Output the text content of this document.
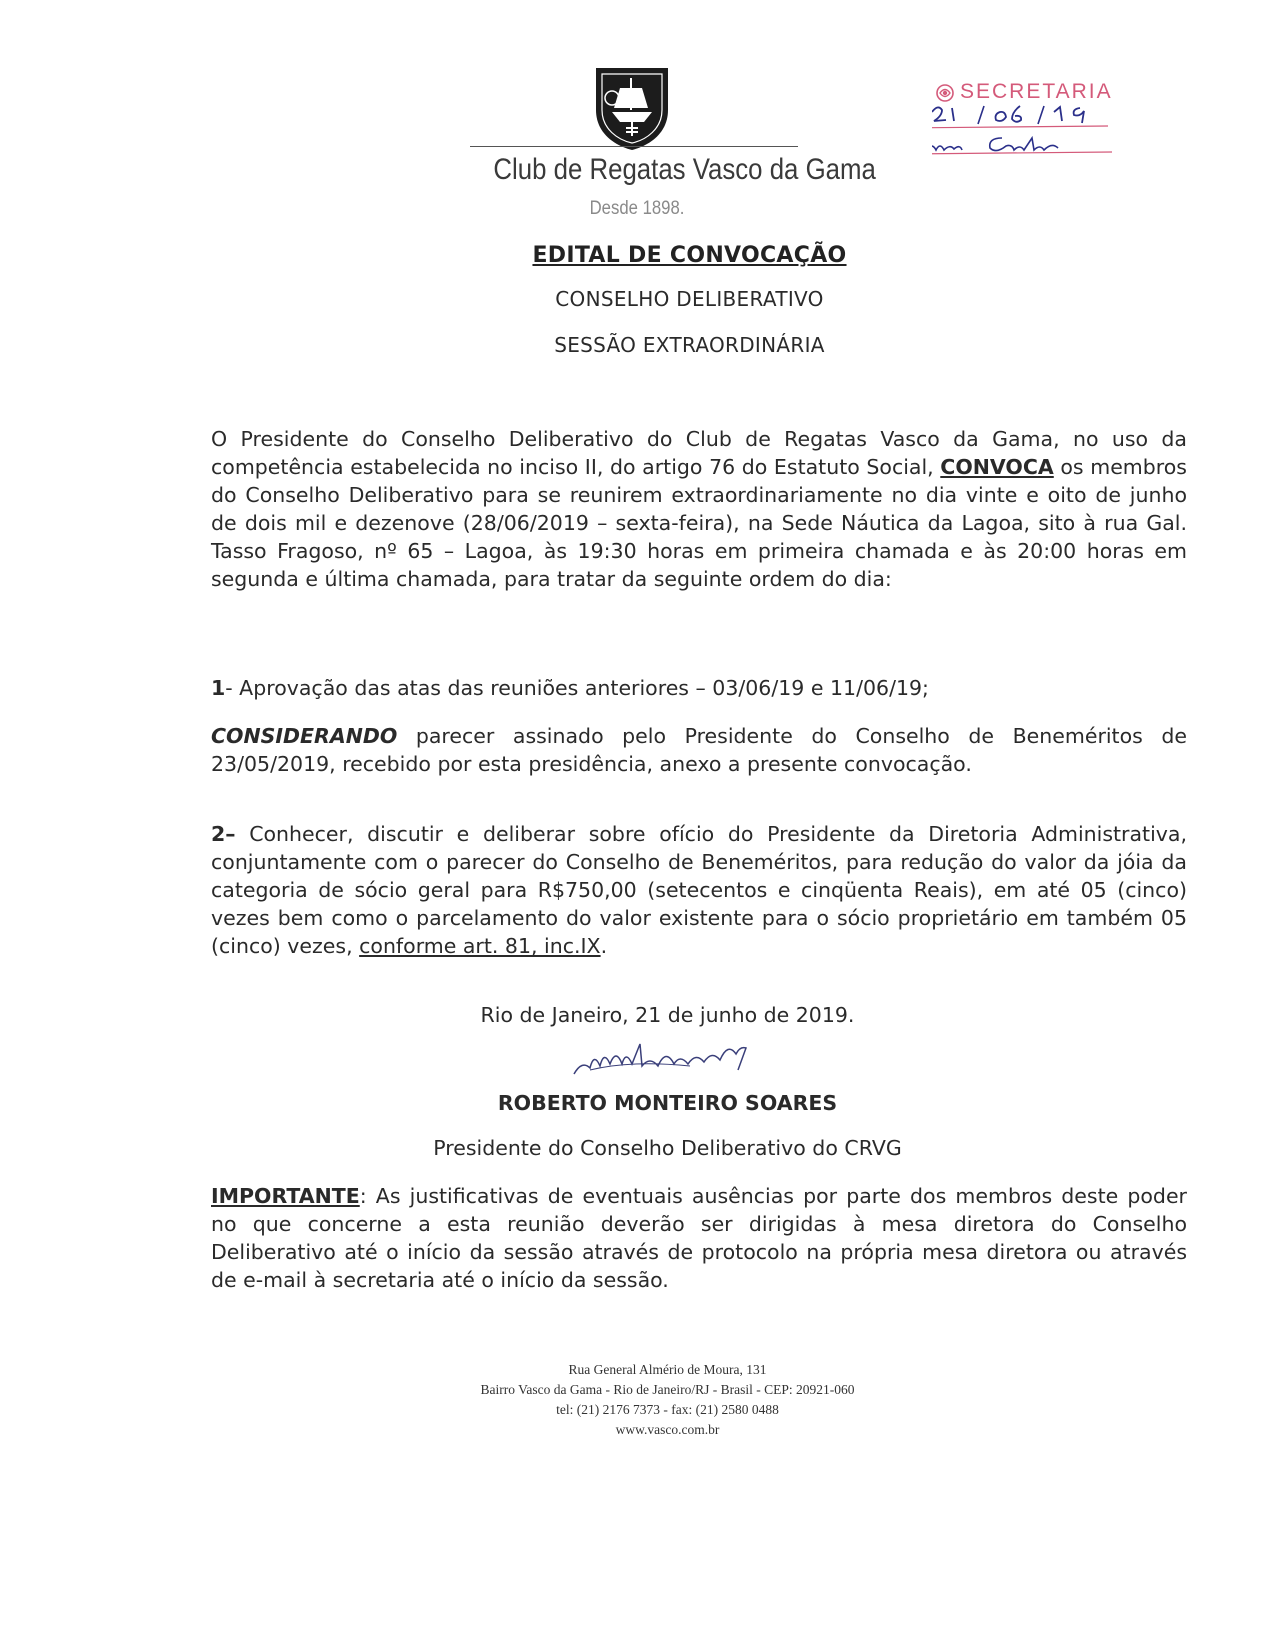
Club de Regatas Vasco da Gama
Desde 1898.
SECRETARIA
EDITAL DE CONVOCAÇÃO
CONSELHO DELIBERATIVO
SESSÃO EXTRAORDINÁRIA
O Presidente do Conselho Deliberativo do Club de Regatas Vasco da Gama, no uso da competência estabelecida no inciso II, do artigo 76 do Estatuto Social, CONVOCA os membros do Conselho Deliberativo para se reunirem extraordinariamente no dia vinte e oito de junho de dois mil e dezenove (28/06/2019 – sexta-feira), na Sede Náutica da Lagoa, sito à rua Gal. Tasso Fragoso, nº 65 – Lagoa, às 19:30 horas em primeira chamada e às 20:00 horas em segunda e última chamada, para tratar da seguinte ordem do dia:
1- Aprovação das atas das reuniões anteriores – 03/06/19 e 11/06/19;
CONSIDERANDO parecer assinado pelo Presidente do Conselho de Beneméritos de 23/05/2019, recebido por esta presidência, anexo a presente convocação.
2– Conhecer, discutir e deliberar sobre ofício do Presidente da Diretoria Administrativa, conjuntamente com o parecer do Conselho de Beneméritos, para redução do valor da jóia da categoria de sócio geral para R$750,00 (setecentos e cinqüenta Reais), em até 05 (cinco) vezes bem como o parcelamento do valor existente para o sócio proprietário em também 05 (cinco) vezes, conforme art. 81, inc.IX.
Rio de Janeiro, 21 de junho de 2019.
ROBERTO MONTEIRO SOARES
Presidente do Conselho Deliberativo do CRVG
IMPORTANTE: As justificativas de eventuais ausências por parte dos membros deste poder no que concerne a esta reunião deverão ser dirigidas à mesa diretora do Conselho Deliberativo até o início da sessão através de protocolo na própria mesa diretora ou através de e-mail à secretaria até o início da sessão.
Rua General Almério de Moura, 131
Bairro Vasco da Gama - Rio de Janeiro/RJ - Brasil - CEP: 20921-060
tel: (21) 2176 7373 - fax: (21) 2580 0488
www.vasco.com.br
